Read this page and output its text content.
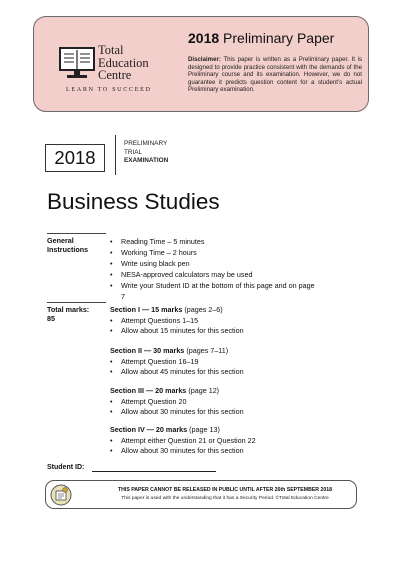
Total
Education
Centre
LEARN TO SUCCEED
2018 Preliminary Paper
Disclaimer: This paper is written as a Preliminary paper. It is designed to provide practice consistent with the demands of the Preliminary course and its examination. However, we do not guarantee it predicts question content for a student’s actual Preliminary examination.
2018
PRELIMINARY
TRIAL
EXAMINATION
Business Studies
General
Instructions
• Reading Time – 5 minutes
• Working Time – 2 hours
• Write using black pen
• NESA-approved calculators may be used
• Write your Student ID at the bottom of this page and on page 7
Total marks:
85
Section I — 15 marks (pages 2–6)
• Attempt Questions 1–15
• Allow about 15 minutes for this section
Section II — 30 marks (pages 7–11)
• Attempt Question 16–19
• Allow about 45 minutes for this section
Section III — 20 marks (page 12)
• Attempt Question 20
• Allow about 30 minutes for this section
Section IV — 20 marks (page 13)
• Attempt either Question 21 or Question 22
• Allow about 30 minutes for this section
Student ID:
THIS PAPER CANNOT BE RELEASED IN PUBLIC UNTIL AFTER 26th SEPTEMBER 2018
This paper is used with the understanding that it has a Security Period. ©Total Education Centre
